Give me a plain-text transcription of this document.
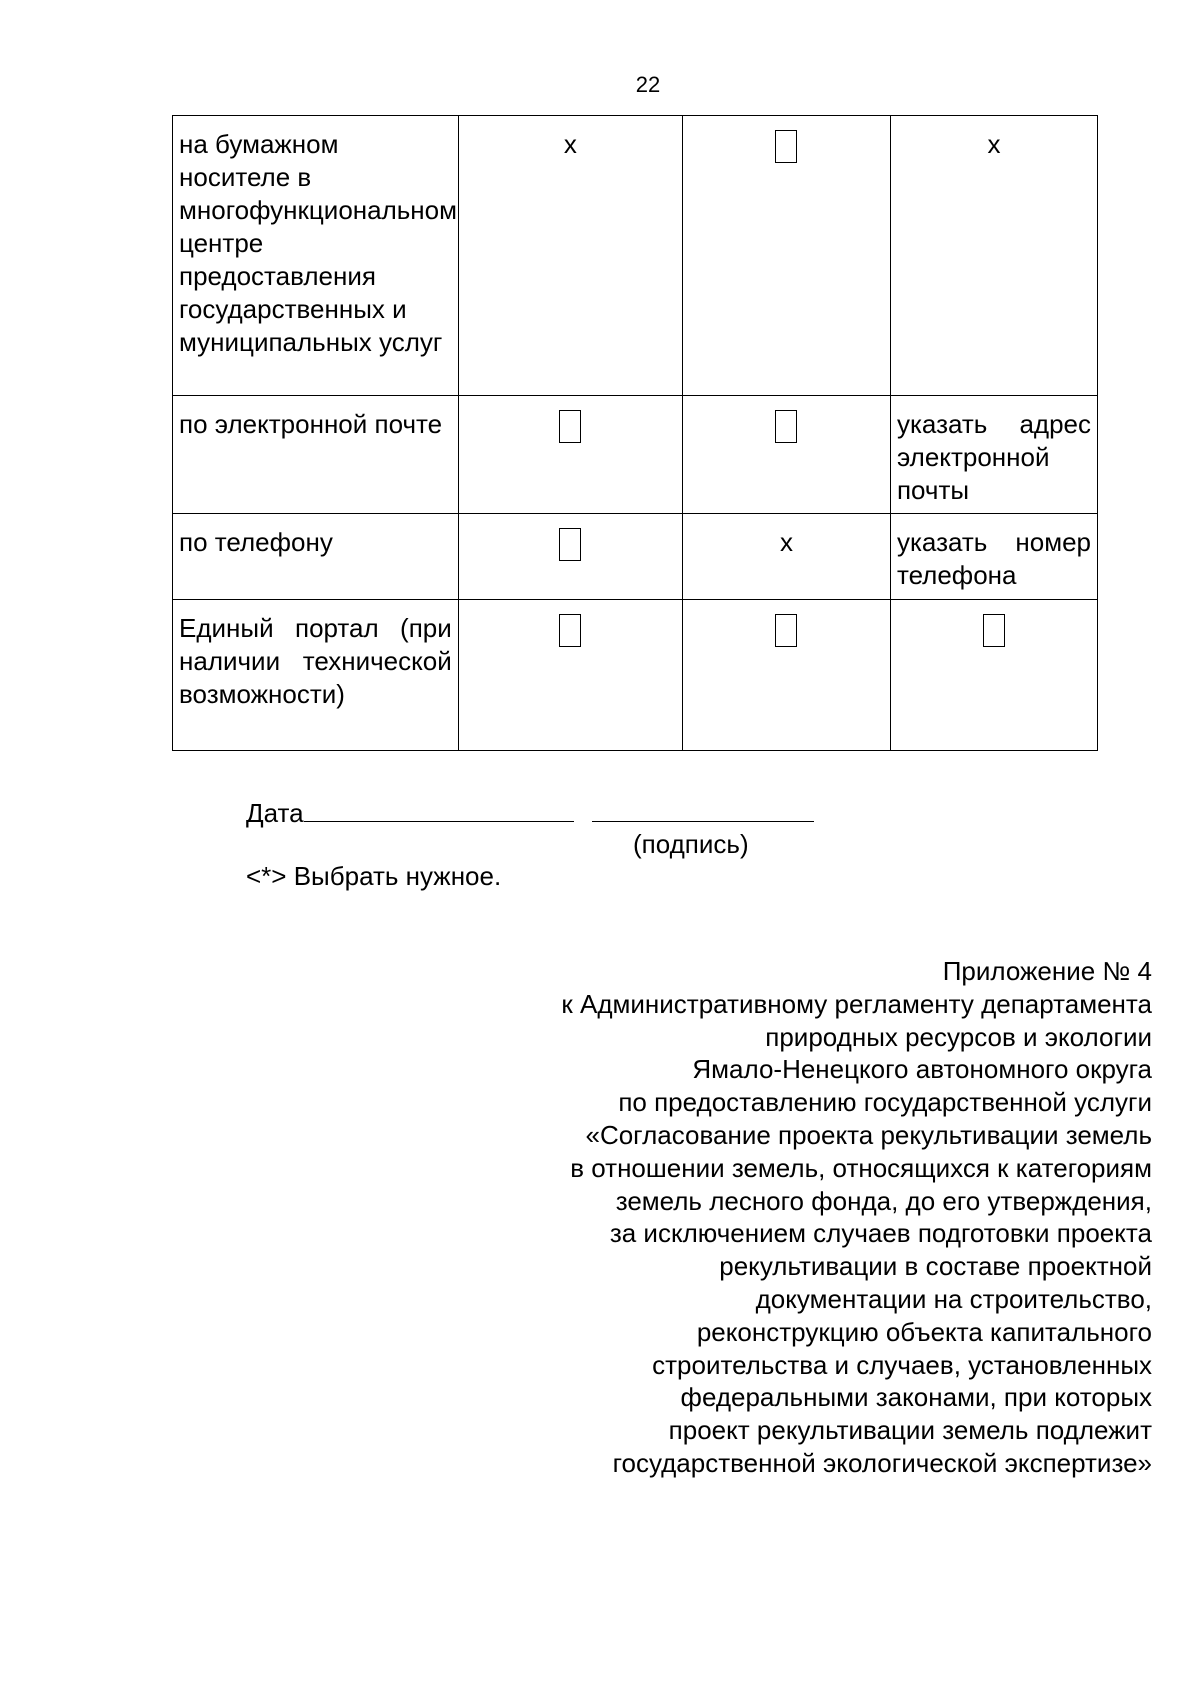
22
на бумажном носителе в многофункциональном центре предоставления государственных и муниципальных услуг	x		x
по электронной почте			указать адрес электронной почты
по телефону		x	указать номер телефона
Единый портал (при наличии технической возможности)			
Дата
(подпись)
<*> Выбрать нужное.
Приложение № 4
к Административному регламенту департамента
природных ресурсов и экологии
Ямало-Ненецкого автономного округа
по предоставлению государственной услуги
«Согласование проекта рекультивации земель
в отношении земель, относящихся к категориям
земель лесного фонда, до его утверждения,
за исключением случаев подготовки проекта
рекультивации в составе проектной
документации на строительство,
реконструкцию объекта капитального
строительства и случаев, установленных
федеральными законами, при которых
проект рекультивации земель подлежит
государственной экологической экспертизе»
